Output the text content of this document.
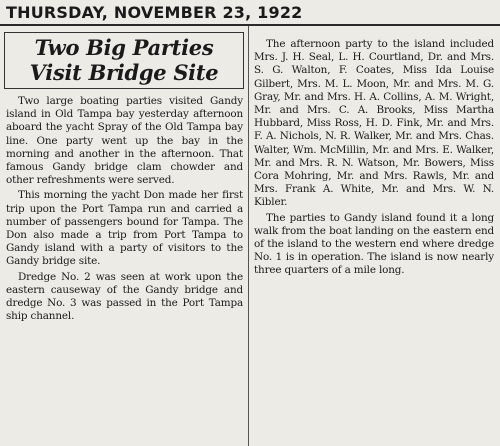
THURSDAY, NOVEMBER 23, 1922
Two Big Parties
Visit Bridge Site

Two large boating parties visited Gandy island in Old Tampa bay yesterday afternoon aboard the yacht Spray of the Old Tampa bay line. One party went up the bay in the morning and another in the afternoon. That famous Gandy bridge clam chowder and other refreshments were served.

This morning the yacht Don made her first trip upon the Port Tampa run and carried a number of passengers bound for Tampa. The Don also made a trip from Port Tampa to Gandy island with a party of visitors to the Gandy bridge site.

Dredge No. 2 was seen at work upon the eastern causeway of the Gandy bridge and dredge No. 3 was passed in the Port Tampa ship channel.

The afternoon party to the island included Mrs. J. H. Seal, L. H. Courtland, Dr. and Mrs. S. G. Walton, F. Coates, Miss Ida Louise Gilbert, Mrs. M. L. Moon, Mr. and Mrs. M. G. Gray, Mr. and Mrs. H. A. Collins, A. M. Wright, Mr. and Mrs. C. A. Brooks, Miss Martha Hubbard, Miss Ross, H. D. Fink, Mr. and Mrs. F. A. Nichols, N. R. Walker, Mr. and Mrs. Chas. Walter, Wm. McMillin, Mr. and Mrs. E. Walker, Mr. and Mrs. R. N. Watson, Mr. Bowers, Miss Cora Mohring, Mr. and Mrs. Rawls, Mr. and Mrs. Frank A. White, Mr. and Mrs. W. N. Kibler.

The parties to Gandy island found it a long walk from the boat landing on the eastern end of the island to the western end where dredge No. 1 is in operation. The island is now nearly three quarters of a mile long.
